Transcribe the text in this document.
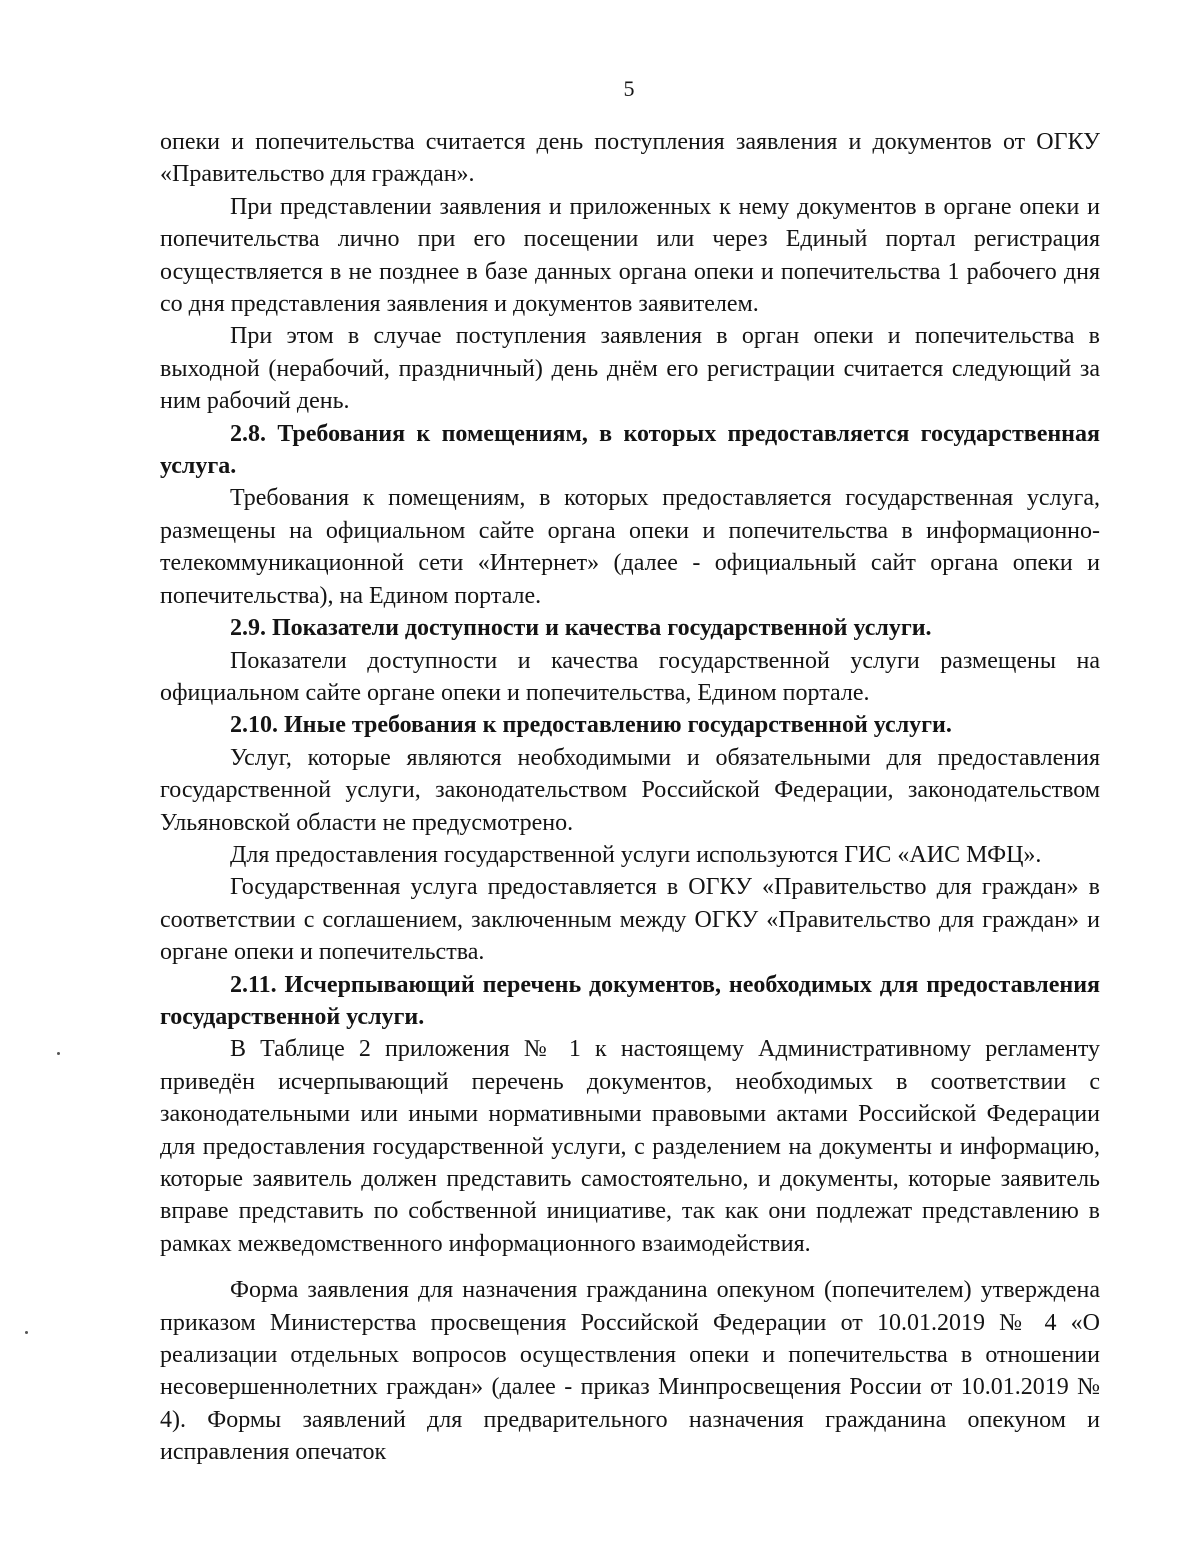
5

опеки и попечительства считается день поступления заявления и документов от ОГКУ «Правительство для граждан».

При представлении заявления и приложенных к нему документов в органе опеки и попечительства лично при его посещении или через Единый портал регистрация осуществляется в не позднее в базе данных органа опеки и попечительства 1 рабочего дня со дня представления заявления и документов заявителем.

При этом в случае поступления заявления в орган опеки и попечительства в выходной (нерабочий, праздничный) день днём его регистрации считается следующий за ним рабочий день.

2.8. Требования к помещениям, в которых предоставляется государственная услуга.

Требования к помещениям, в которых предоставляется государственная услуга, размещены на официальном сайте органа опеки и попечительства в информационно-телекоммуникационной сети «Интернет» (далее - официальный сайт органа опеки и попечительства), на Едином портале.

2.9. Показатели доступности и качества государственной услуги.

Показатели доступности и качества государственной услуги размещены на официальном сайте органе опеки и попечительства, Едином портале.

2.10. Иные требования к предоставлению государственной услуги.

Услуг, которые являются необходимыми и обязательными для предоставления государственной услуги, законодательством Российской Федерации, законодательством Ульяновской области не предусмотрено.

Для предоставления государственной услуги используются ГИС «АИС МФЦ».

Государственная услуга предоставляется в ОГКУ «Правительство для граждан» в соответствии с соглашением, заключенным между ОГКУ «Правительство для граждан» и органе опеки и попечительства.

2.11. Исчерпывающий перечень документов, необходимых для предоставления государственной услуги.

В Таблице 2 приложения № 1 к настоящему Административному регламенту приведён исчерпывающий перечень документов, необходимых в соответствии с законодательными или иными нормативными правовыми актами Российской Федерации для предоставления государственной услуги, с разделением на документы и информацию, которые заявитель должен представить самостоятельно, и документы, которые заявитель вправе представить по собственной инициативе, так как они подлежат представлению в рамках межведомственного информационного взаимодействия.

Форма заявления для назначения гражданина опекуном (попечителем) утверждена приказом Министерства просвещения Российской Федерации от 10.01.2019 № 4 «О реализации отдельных вопросов осуществления опеки и попечительства в отношении несовершеннолетних граждан» (далее - приказ Минпросвещения России от 10.01.2019 № 4). Формы заявлений для предварительного назначения гражданина опекуном и исправления опечаток
